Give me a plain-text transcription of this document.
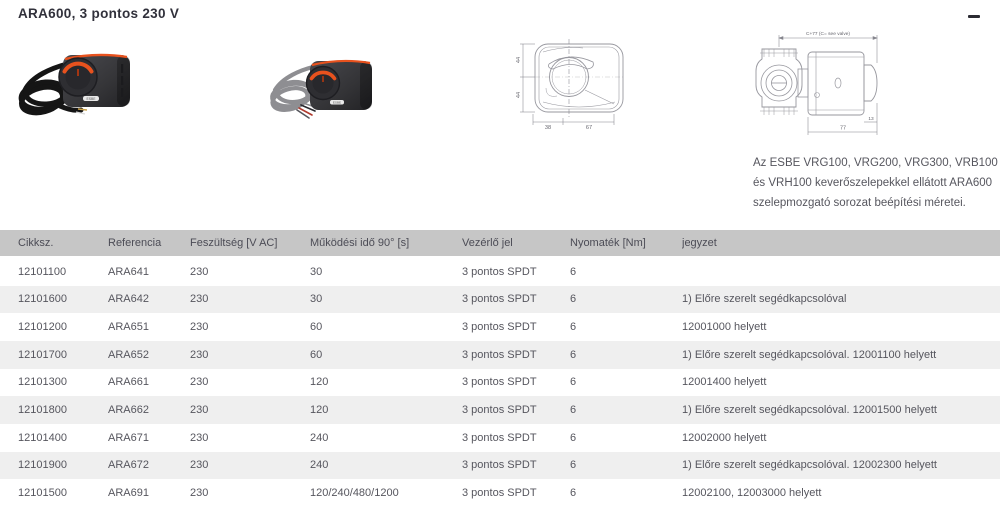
ARA600, 3 pontos 230 V
ESBE
ESBE
44
44
38	67
C+77 (C= see valve)
77
13

Az ESBE VRG100, VRG200, VRG300, VRB100 és VRH100 keverőszelepekkel ellátott ARA600 szelepmozgató sorozat beépítési méretei.

Cikksz.	Referencia	Feszültség [V AC]	Működési idő 90° [s]	Vezérlő jel	Nyomaték [Nm]	jegyzet
12101100	ARA641	230	30	3 pontos SPDT	6
12101600	ARA642	230	30	3 pontos SPDT	6	1) Előre szerelt segédkapcsolóval
12101200	ARA651	230	60	3 pontos SPDT	6	12001000 helyett
12101700	ARA652	230	60	3 pontos SPDT	6	1) Előre szerelt segédkapcsolóval. 12001100 helyett
12101300	ARA661	230	120	3 pontos SPDT	6	12001400 helyett
12101800	ARA662	230	120	3 pontos SPDT	6	1) Előre szerelt segédkapcsolóval. 12001500 helyett
12101400	ARA671	230	240	3 pontos SPDT	6	12002000 helyett
12101900	ARA672	230	240	3 pontos SPDT	6	1) Előre szerelt segédkapcsolóval. 12002300 helyett
12101500	ARA691	230	120/240/480/1200	3 pontos SPDT	6	12002100, 12003000 helyett
